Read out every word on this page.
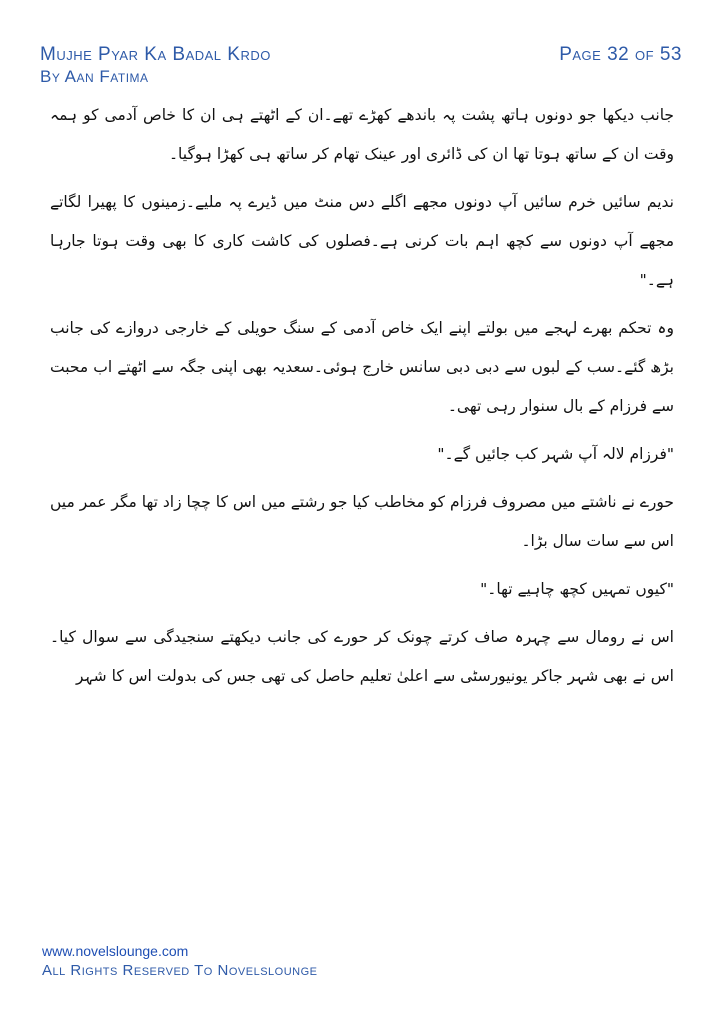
Mujhe Pyar Ka Badal Krdo
By Aan Fatima
Page 32 of 53

جانب دیکھا جو دونوں ہاتھ پشت پہ باندھے کھڑے تھے۔ان کے اٹھتے ہی ان کا خاص آدمی کو ہمہ وقت ان کے ساتھ ہوتا تھا ان کی ڈائری اور عینک تھام کر ساتھ ہی کھڑا ہوگیا۔

ندیم سائیں خرم سائیں آپ دونوں مجھے اگلے دس منٹ میں ڈیرے پہ ملیے۔زمینوں کا پھیرا لگاتے مجھے آپ دونوں سے کچھ اہم بات کرنی ہے۔فصلوں کی کاشت کاری کا بھی وقت ہوتا جارہا ہے۔"

وہ تحکم بھرے لہجے میں بولتے اپنے ایک خاص آدمی کے سنگ حویلی کے خارجی دروازے کی جانب بڑھ گئے۔سب کے لبوں سے دبی دبی سانس خارج ہوئی۔سعدیہ بھی اپنی جگہ سے اٹھتے اب محبت سے فرزام کے بال سنوار رہی تھی۔

"فرزام لالہ آپ شہر کب جائیں گے۔"

حورے نے ناشتے میں مصروف فرزام کو مخاطب کیا جو رشتے میں اس کا چچا زاد تھا مگر عمر میں اس سے سات سال بڑا۔

"کیوں تمہیں کچھ چاہیے تھا۔"

اس نے رومال سے چہرہ صاف کرتے چونک کر حورے کی جانب دیکھتے سنجیدگی سے سوال کیا۔اس نے بھی شہر جاکر یونیورسٹی سے اعلیٰ تعلیم حاصل کی تھی جس کی بدولت اس کا شہر

www.novelslounge.com
All Rights Reserved To Novelslounge
